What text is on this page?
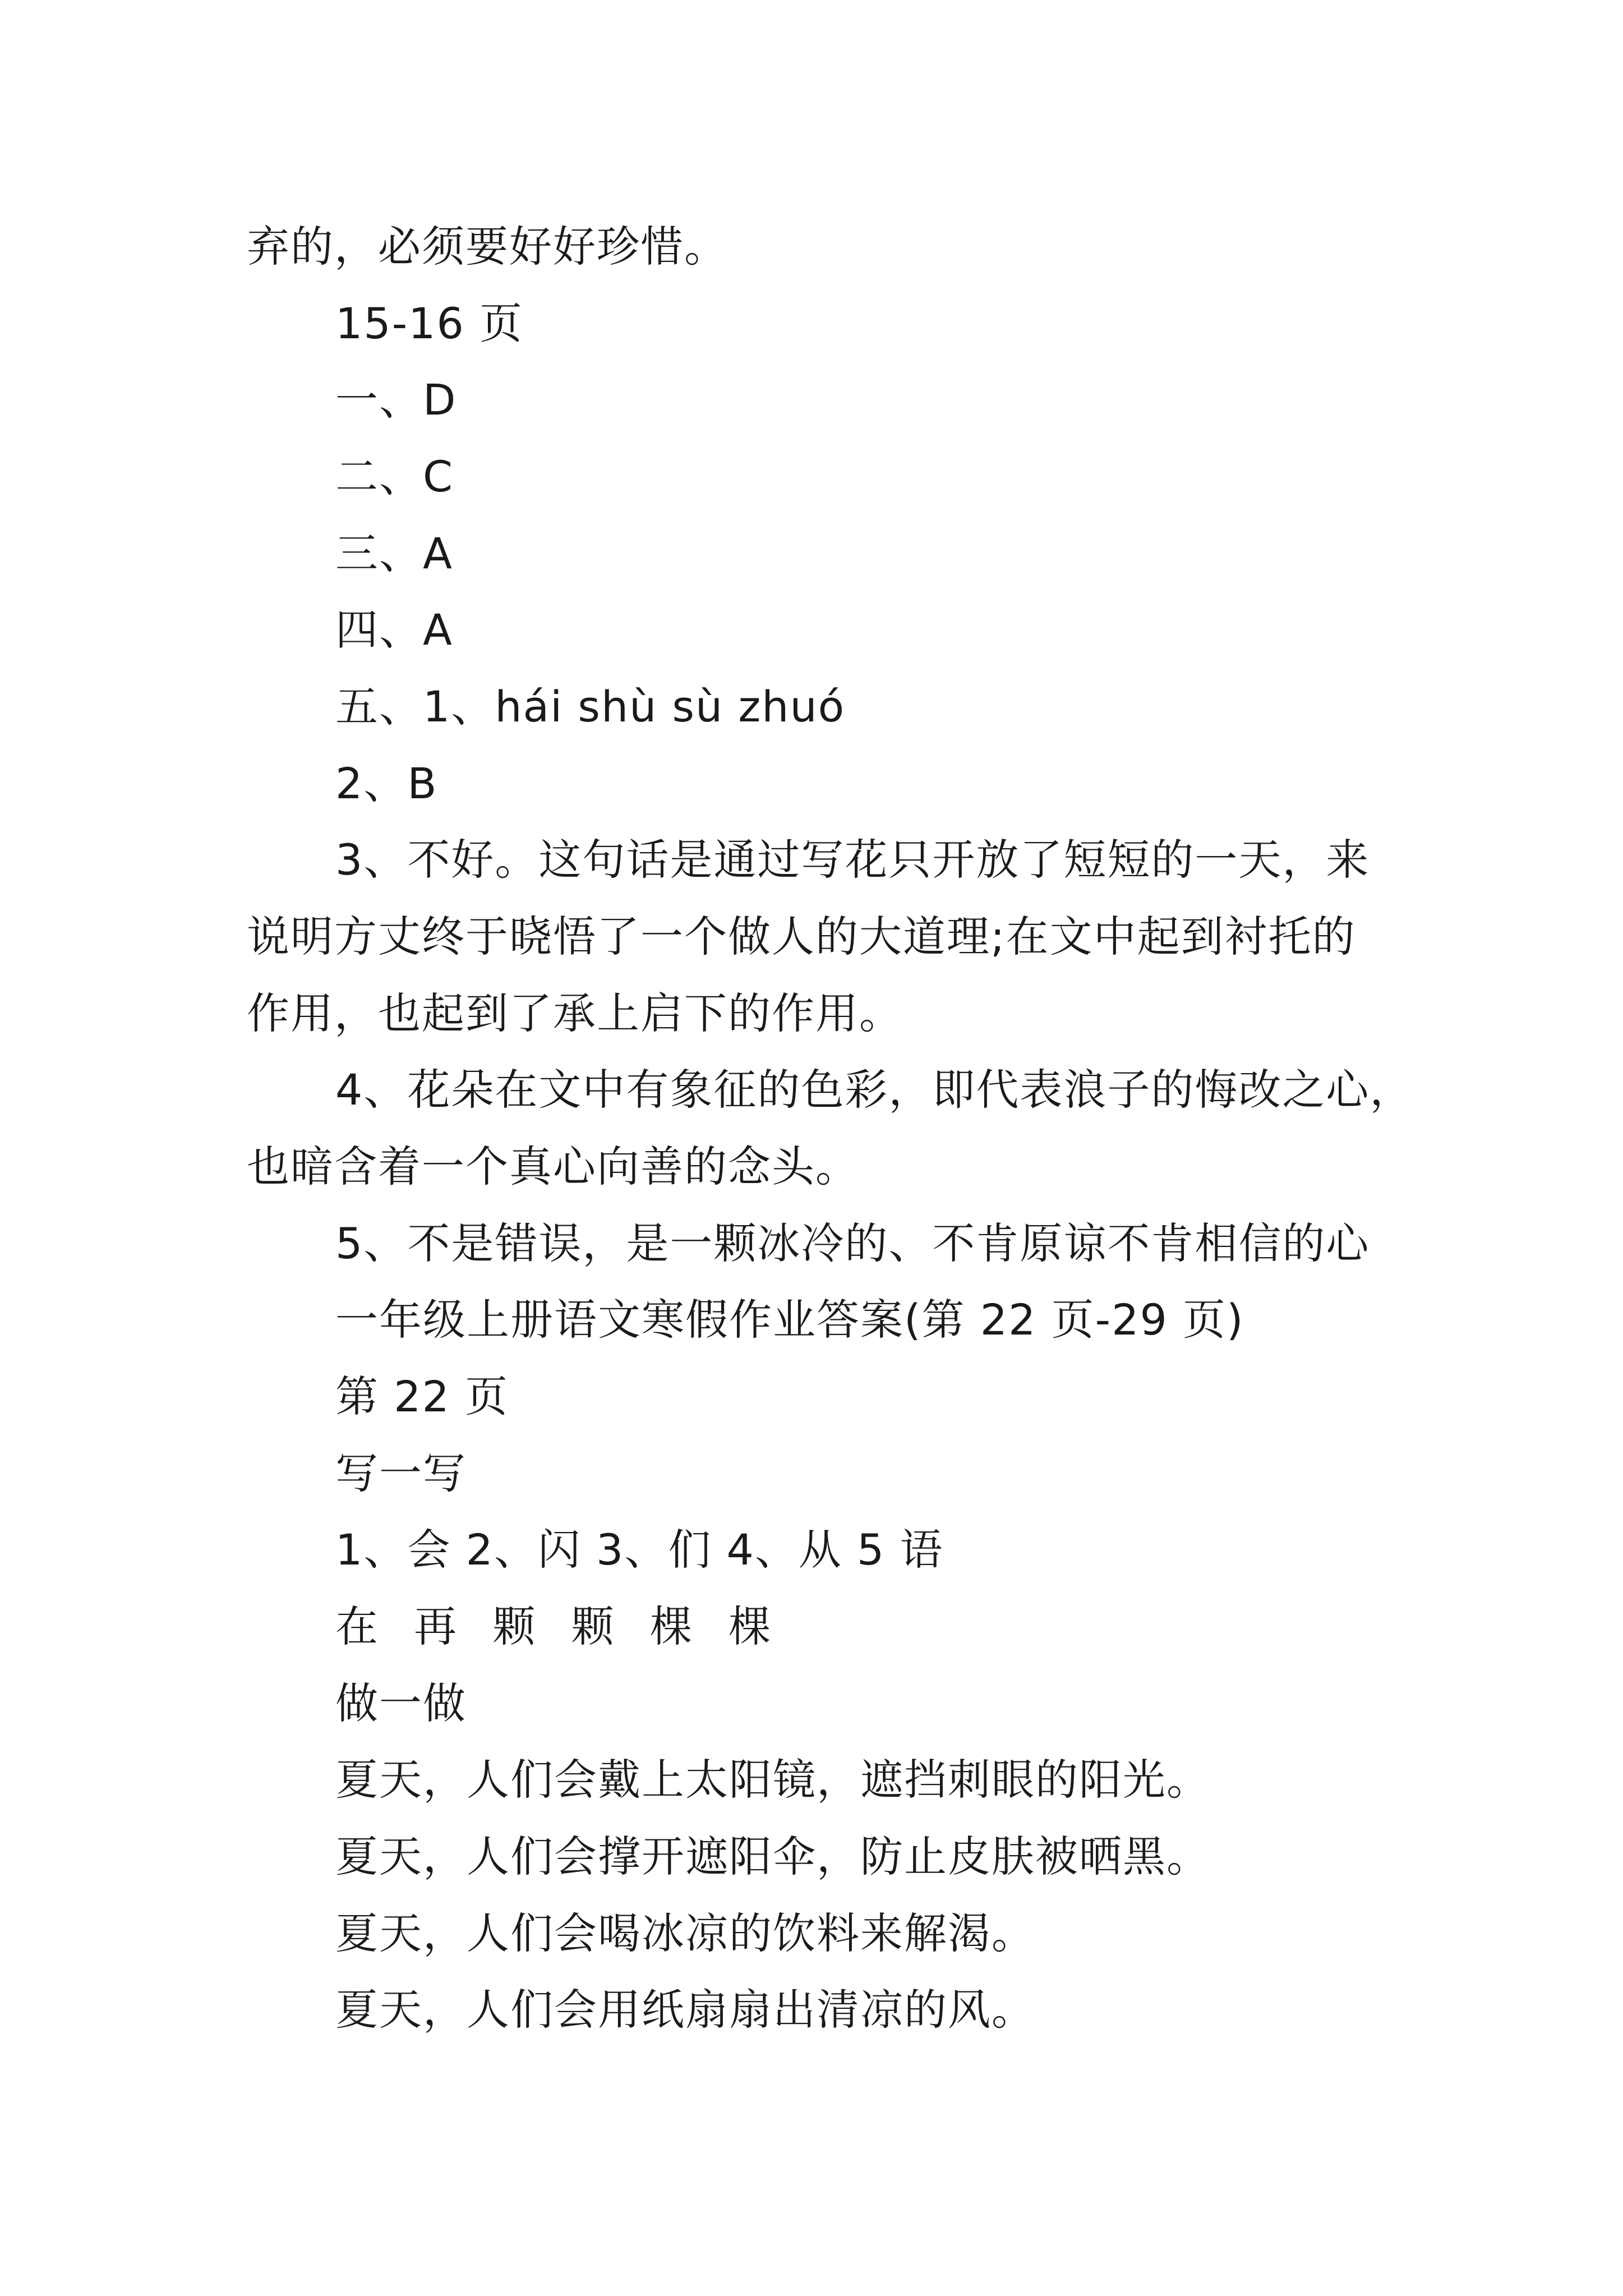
弃的，必须要好好珍惜。
15-16 页
一、D
二、C
三、A
四、A
五、1、hái shù sù zhuó
2、B
3、不好。这句话是通过写花只开放了短短的一天，来
说明方丈终于晓悟了一个做人的大道理;在文中起到衬托的
作用，也起到了承上启下的作用。
4、花朵在文中有象征的色彩，即代表浪子的悔改之心，
也暗含着一个真心向善的念头。
5、不是错误，是一颗冰冷的、不肯原谅不肯相信的心
一年级上册语文寒假作业答案(第 22 页-29 页)
第 22 页
写一写
1、会 2、闪 3、们 4、从 5 语
在 再 颗 颗 棵 棵
做一做
夏天，人们会戴上太阳镜，遮挡刺眼的阳光。
夏天，人们会撑开遮阳伞，防止皮肤被晒黑。
夏天，人们会喝冰凉的饮料来解渴。
夏天，人们会用纸扇扇出清凉的风。
